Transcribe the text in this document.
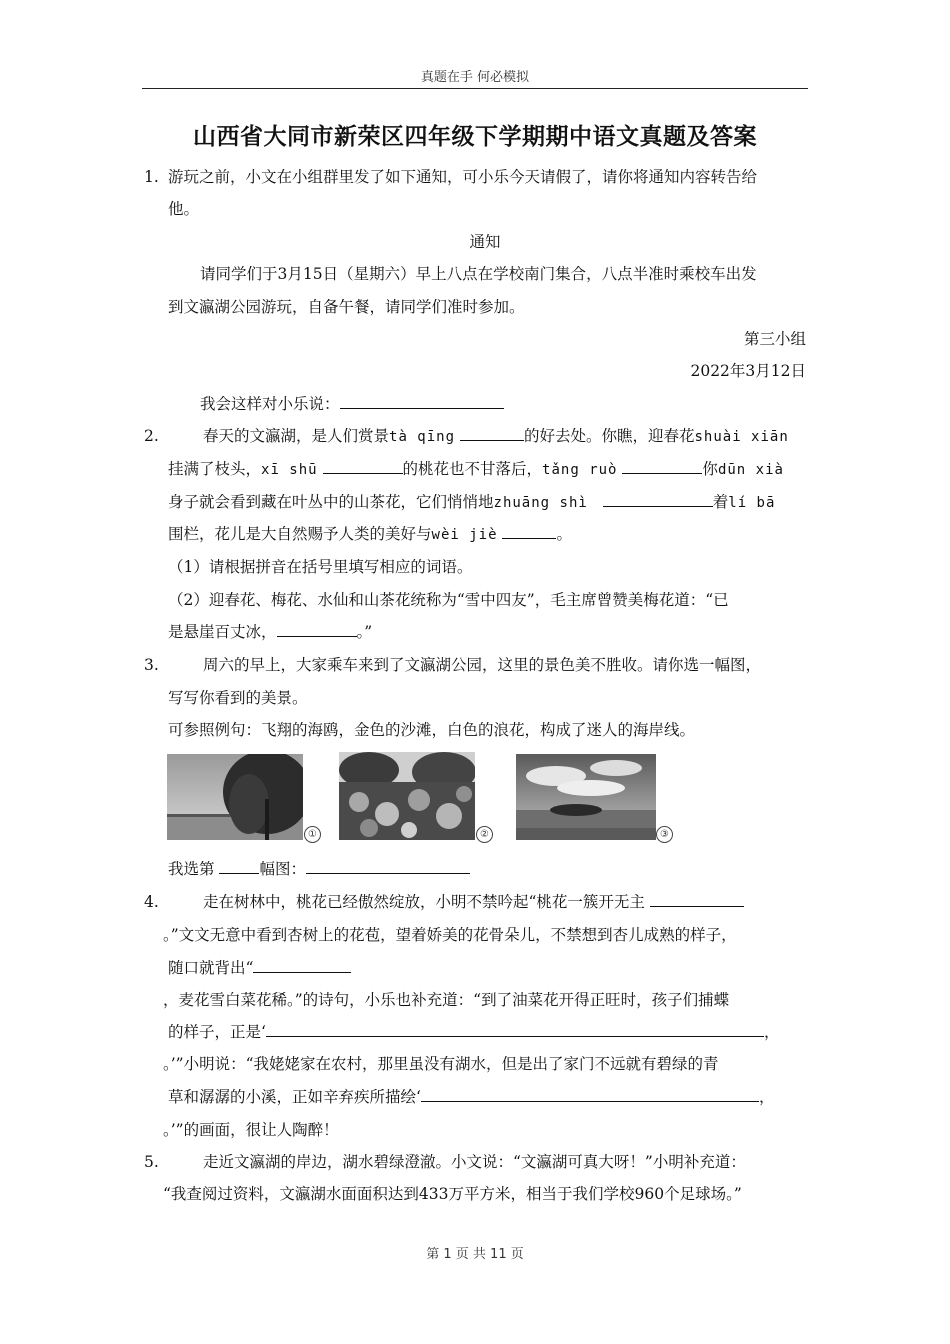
真题在手 何必模拟
山西省大同市新荣区四年级下学期期中语文真题及答案
1. 游玩之前，小文在小组群里发了如下通知，可小乐今天请假了，请你将通知内容转告给
他。
通知
请同学们于3月15日（星期六）早上八点在学校南门集合，八点半准时乘校车出发
到文瀛湖公园游玩，自备午餐，请同学们准时参加。
第三小组
2022年3月12日
我会这样对小乐说：
2.	春天的文瀛湖，是人们赏景tà qīng	的好去处。你瞧，迎春花shuài xiān
挂满了枝头，xī shū	的桃花也不甘落后，tǎng ruò	你dūn xià
身子就会看到藏在叶丛中的山茶花，它们悄悄地zhuāng shì	着lí bā
围栏，花儿是大自然赐予人类的美好与wèi jiè	。
（1）请根据拼音在括号里填写相应的词语。
（2）迎春花、梅花、水仙和山茶花统称为“雪中四友”，毛主席曾赞美梅花道：“已
是悬崖百丈冰，	。”
3.	周六的早上，大家乘车来到了文瀛湖公园，这里的景色美不胜收。请你选一幅图，
写写你看到的美景。
可参照例句：飞翔的海鸥，金色的沙滩，白色的浪花，构成了迷人的海岸线。
①	②	③
我选第	幅图：
4.	走在树林中，桃花已经傲然绽放，小明不禁吟起“桃花一簇开无主
。”文文无意中看到杏树上的花苞，望着娇美的花骨朵儿，不禁想到杏儿成熟的样子，
随口就背出“
，麦花雪白菜花稀。”的诗句，小乐也补充道：“到了油菜花开得正旺时，孩子们捕蝶
的样子，正是‘	，
。’”小明说：“我姥姥家在农村，那里虽没有湖水，但是出了家门不远就有碧绿的青
草和潺潺的小溪，正如辛弃疾所描绘‘	，
。’”的画面，很让人陶醉！
5.	走近文瀛湖的岸边，湖水碧绿澄澈。小文说：“文瀛湖可真大呀！”小明补充道：
“我查阅过资料，文瀛湖水面面积达到433万平方米，相当于我们学校960个足球场。”
第 1 页 共 11 页
